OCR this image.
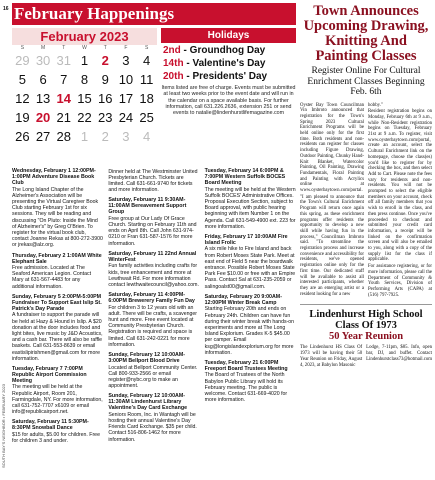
16
SOUTH BAY'S NEIGHBOR • FEBRUARY 2023
February Happenings
February 2023
S	M	T	W	T	F	S
29 30 31 1	2	3	4
5	6	7	8	9 10 11
12 13 14 15 16 17 18
19 20 21 22 23 24 25
26 27 28 1	2	3	4
Holidays
2nd - Groundhog Day
14th - Valentine's Day
20th - Presidents' Day
Items listed are free of charge. Events must be submitted at least two weeks prior to the event date and will run in the calendar on a space available basis. For further information, call 631.226.2636, extension 251 or send events to natalie@lindenhurstlifemagazine.com
Wednesday, February 1 12:00PM-1:00PM Adventure Disease Book Club

The Long Island Chapter of the Alzheimer's Association will be presenting the Virtual Caregiver Book Club starting February 1st for six sessions. They will be reading and discussing "On Pluto: Inside the Mind of Alzheimer's" by Greg O'Brien. To register for the virtual book club, contact Joanne Rekas at 800-272-3900 or jrekas@alz.org.

Thursday, February 2 1:00AM White Elephant Sale

Free admission. Located at The Seaford American Legion. Contact Mary at 631-567-4483 for any additional information.

Sunday, February 5 2:00PM-5:00PM Fundraiser To Support East Islip St. Patrick's Day Parade

A fundraiser to support the parade will be held at Hazy & Hound in Islip. A $20 donation at the door includes food and light bites, live music by J&D Acoustics, and a cash bar. There will also be raffle baskets. Call 631-553-8639 or email eastislipirishmen@gmail.com for more information.

Tuesday, February 7 7:00PM Republic Airport Commission Meeting

The meeting will be held at the Republic Airport, Room 201, Farmingdale, NY. For more information, call 631-752-7707 x6109 or email info@republicairport.net.

Saturday, February 11 5:30PM-8:30PM Snowball Dance

$15 for adults, $5.00 for children. Free for children 3 and under.

Dinner held at The Westminster United Presbyterian Church. Tickets are limited. Call 631-661-9740 for tickets and more information.

Saturday, February 11 9:30AM-11:00AM Bereavement Support Group

Free group at Our Lady Of Grace Church. Starting on February 11th and ends on April 8th. Call John 631-974-0210 or Fran 631-587-1576 for more information.

Saturday, February 11 22nd Annual WinterFest

Fun family activities including crafts for kids, tree enhancement and more at Lewthwait Rd. For more information contact lewthwaitecouncil@yahoo.com.

Saturday, February 11 4:00PM-6:00PM Brewerery Family Fun Day

For children 3 to 12 years old with an adult. There will be crafts, a scavenger hunt and more. Free event located at Community Presbyterian Church. Registration is required and space is limited. Call 631-242-0221 for more information.

Sunday, February 12 10:00AM-3:00PM Bellport Blood Drive

Located at Bellport Community Center. Call 800-933-2566 or email register@nybc.org to make an appointment.

Sunday, February 12 10:00AM-11:30AM Lindenhurst Library Valentine's Day Card Exchange

Seniors Room, Inc. in Wantagh will be hosting their annual Valentine's Day Friends Card Exchange. $35 per child. Contact 516-806-1462 for more information.

Tuesday, February 14 6:00PM & 7:00PM Western Suffolk BOCES Board Meeting

The meeting will be held at the Western Suffolk BOCES' Administrative Offices. Proposal Execution Section, subject to Board approval, with public hearing beginning with item Number 1 on the Agenda. Call 631-549-4900 ext. 223 for more information.

Friday, February 17 10:00AM Fire Island Frolic

A six mile hike to Fire Island and back from Robert Moses State Park. Meet at east end of Field 5 near the boardwalk entrance. Possible Robert Moses State Park Fee $10.00 or free with an Empire Pass. Contact Sal at 631-235-2059 or salingoalst00@gmail.com.

Saturday, February 20 9:00AM-12:00PM Winter Break Camp

Starting February 20th and ends on February 24th. Children can have fun during their winter break with hands-on experiments and more at The Long Island Explorium. Grades K-5 $45.00 per camper. Email ksg@longislandexplorium.org for more information.

Tuesday, February 21 6:00PM Freeport Board Trustees Meeting

The Board of Trustees of the North Babylon Public Library will hold its February meeting. The public is welcome. Contact 631-669-4020 for more information.

Town Announces Upcoming Drawing, Knitting And Painting Classes
Register Online For Cultural Enrichment Classes Beginning Feb. 6th

Oyster Bay Town Councilman Vin Imbroto announced that registration for the Town's Spring 2023 Cultural Enrichment Programs will be held online only for the first time. Both residents and non-residents can register for classes including Figure Drawing, Outdoor Painting, Chunky Hand-Knit Blanket, Watercolor Painting, Oil Painting, Drawing Fundamentals, Floral Painting and Painting with Acrylics online at www.oysterbaytown.com/portal.

"I am pleased to announce that the Town's Cultural Enrichment Program will return once again this spring, as these enrichment programs offer residents the opportunity to develop a new skill while having fun in the process," Councilman Imbroto said. "To streamline the registration process and increase convenience and accessibility for residents, we've opened registration online only for the first time. Our dedicated staff will be available to assist all interested participants, whether they are an emerging artist or a resident looking for a new

hobby."

Resident registration begins on Monday, February 6th at 9 a.m., while Non-Resident registration begins on Tuesday, February 21st at 9 a.m. To register, visit www.oysterbaytown.com/portal, create an account, select the Cultural Enrichment link on the homepage, choose the class(es) you'd like to register for by checking the box, and then select Add to Cart. Please note the fees vary for residents and non-residents. You will not be prompted to select the eligible members on your account, check off all family members that you wish to enroll in the class, and then press continue. Once you've proceeded to checkout and submitted your credit card information, a receipt will be linked on the confirmation screen and will also be emailed to you, along with a copy of the supply list for the class if applicable.

For assistance registering, or for more information, please call the Department of Community & Youth Services, Division of Performing Arts (CAPA) at (516) 797-7925.

Lindenhurst High School
Class Of 1973
50 Year Reunion
The Lindenhurst HS Class Of 1973 will be having their 50 Year Reunion on Friday, August 4, 2023, at Babylon Masonic
Lodge, 7-11pm, $85. Info, open bar, DJ, and buffet. Contact Lindenhurstclass73@hotmail.com
